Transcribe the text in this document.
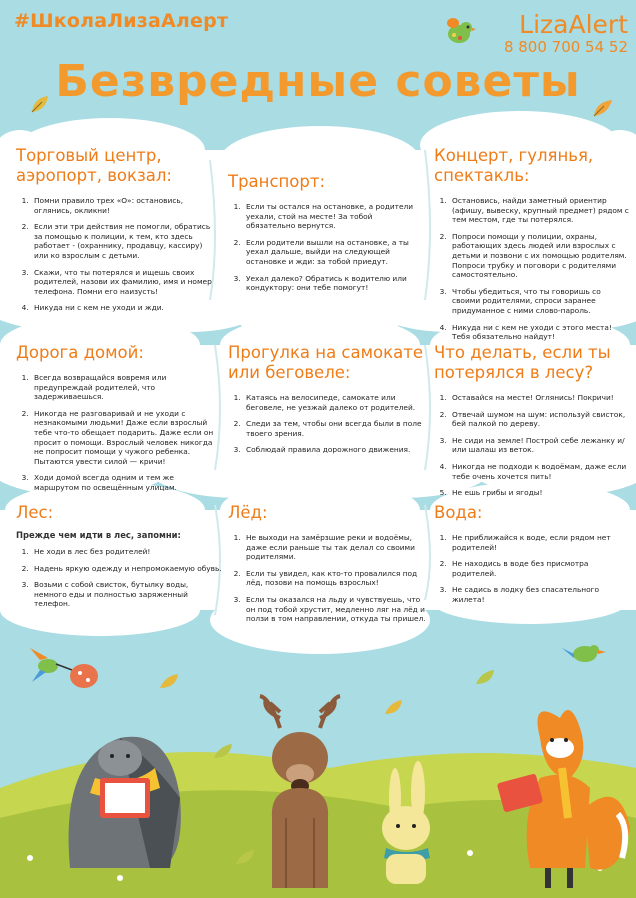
#ШколаЛизаАлерт	LizaAlert
8 800 700 54 52
Безвредные советы
Торговый центр, аэропорт, вокзал:
1. Помни правило трех «О»: остановись, оглянись, окликни!
2. Если эти три действия не помогли, обратись за помощью к полиции, к тем, кто здесь работает - (охраннику, продавцу, кассиру) или ко взрослым с детьми.
3. Скажи, что ты потерялся и ищешь своих родителей, назови их фамилию, имя и номер телефона. Помни его наизусть!
4. Никуда ни с кем не уходи и жди.
Транспорт:
1. Если ты остался на остановке, а родители уехали, стой на месте! За тобой обязательно вернутся.
2. Если родители вышли на остановке, а ты уехал дальше, выйди на следующей остановке и жди: за тобой приедут.
3. Уехал далеко? Обратись к водителю или кондуктору: они тебе помогут!
Концерт, гулянья, спектакль:
1. Остановись, найди заметный ориентир (афишу, вывеску, крупный предмет) рядом с тем местом, где ты потерялся.
2. Попроси помощи у полиции, охраны, работающих здесь людей или взрослых с детьми и позвони с их помощью родителям. Попроси трубку и поговори с родителями самостоятельно.
3. Чтобы убедиться, что ты говоришь со своими родителями, спроси заранее придуманное с ними слово-пароль.
4. Никуда ни с кем не уходи с этого места! Тебя обязательно найдут!
Дорога домой:
1. Всегда возвращайся вовремя или предупреждай родителей, что задерживаешься.
2. Никогда не разговаривай и не уходи с незнакомыми людьми! Даже если взрослый тебе что-то обещает подарить. Даже если он просит о помощи. Взрослый человек никогда не попросит помощи у чужого ребенка. Пытаются увести силой — кричи!
3. Ходи домой всегда одним и тем же маршрутом по освещённым улицам.
Прогулка на самокате или беговеле:
1. Катаясь на велосипеде, самокате или беговеле, не уезжай далеко от родителей.
2. Следи за тем, чтобы они всегда были в поле твоего зрения.
3. Соблюдай правила дорожного движения.
Что делать, если ты потерялся в лесу?
1. Оставайся на месте! Оглянись! Покричи!
2. Отвечай шумом на шум: используй свисток, бей палкой по дереву.
3. Не сиди на земле! Построй себе лежанку и/или шалаш из веток.
4. Никогда не подходи к водоёмам, даже если тебе очень хочется пить!
5. Не ешь грибы и ягоды!
Лес:
Прежде чем идти в лес, запомни:
1. Не ходи в лес без родителей!
2. Надень яркую одежду и непромокаемую обувь.
3. Возьми с собой свисток, бутылку воды, немного еды и полностью заряженный телефон.
Лёд:
1. Не выходи на замёрзшие реки и водоёмы, даже если раньше ты так делал со своими родителями.
2. Если ты увидел, как кто-то провалился под лёд, позови на помощь взрослых!
3. Если ты оказался на льду и чувствуешь, что он под тобой хрустит, медленно ляг на лёд и ползи в том направлении, откуда ты пришел.
Вода:
1. Не приближайся к воде, если рядом нет родителей!
2. Не находись в воде без присмотра родителей.
3. Не садись в лодку без спасательного жилета!
